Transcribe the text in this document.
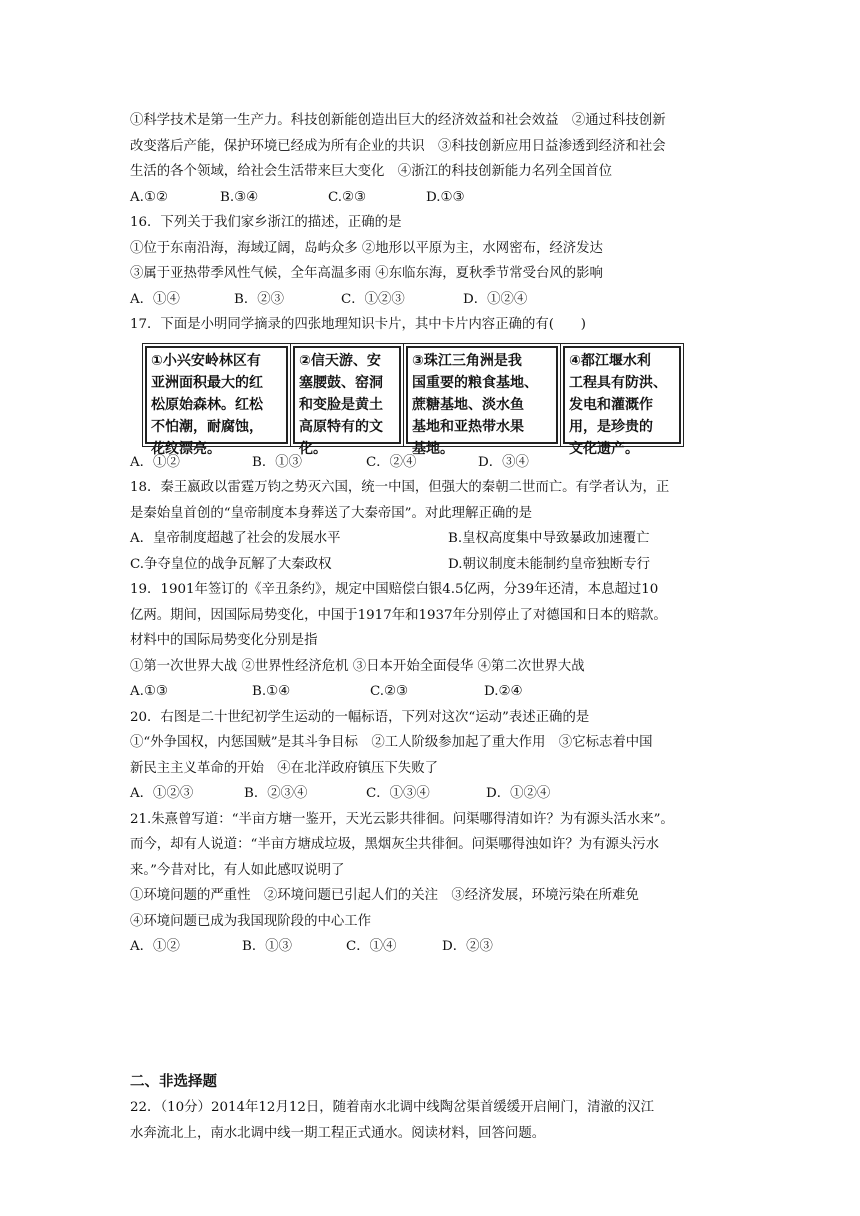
①科学技术是第一生产力。科技创新能创造出巨大的经济效益和社会效益　②通过科技创新
改变落后产能，保护环境已经成为所有企业的共识　③科技创新应用日益渗透到经济和社会
生活的各个领域，给社会生活带来巨大变化　④浙江的科技创新能力名列全国首位
A.①②	B.③④	C.②③	D.①③
16．下列关于我们家乡浙江的描述，正确的是
①位于东南沿海，海域辽阔，岛屿众多 ②地形以平原为主，水网密布，经济发达
③属于亚热带季风性气候，全年高温多雨 ④东临东海，夏秋季节常受台风的影响
A．①④	B．②③	C．①②③	D．①②④
17．下面是小明同学摘录的四张地理知识卡片，其中卡片内容正确的有(　　)
①小兴安岭林区有
亚洲面积最大的红
松原始森林。红松
不怕潮，耐腐蚀，
花纹漂亮。
②信天游、安
塞腰鼓、窑洞
和变脸是黄土
高原特有的文
化。
③珠江三角洲是我
国重要的粮食基地、
蔗糖基地、淡水鱼
基地和亚热带水果
基地。
④都江堰水利
工程具有防洪、
发电和灌溉作
用，是珍贵的
文化遗产。
A．①②	B．①③	C．②④	D．③④
18．秦王嬴政以雷霆万钧之势灭六国，统一中国，但强大的秦朝二世而亡。有学者认为，正
是秦始皇首创的“皇帝制度本身葬送了大秦帝国”。对此理解正确的是
A．皇帝制度超越了社会的发展水平	B.皇权高度集中导致暴政加速覆亡
C.争夺皇位的战争瓦解了大秦政权	D.朝议制度未能制约皇帝独断专行
19．1901年签订的《辛丑条约》，规定中国赔偿白银4.5亿两，分39年还清，本息超过10
亿两。期间，因国际局势变化，中国于1917年和1937年分别停止了对德国和日本的赔款。
材料中的国际局势变化分别是指
①第一次世界大战 ②世界性经济危机 ③日本开始全面侵华 ④第二次世界大战
A.①③	B.①④	C.②③	D.②④
20．右图是二十世纪初学生运动的一幅标语，下列对这次“运动”表述正确的是
①“外争国权，内惩国贼”是其斗争目标　②工人阶级参加起了重大作用　③它标志着中国
新民主主义革命的开始　④在北洋政府镇压下失败了
A．①②③	B．②③④	C．①③④	D．①②④
21.朱熹曾写道：“半亩方塘一鉴开，天光云影共徘徊。问渠哪得清如许？为有源头活水来”。
而今，却有人说道：“半亩方塘成垃圾，黑烟灰尘共徘徊。问渠哪得浊如许？为有源头污水
来。”今昔对比，有人如此感叹说明了
①环境问题的严重性　②环境问题已引起人们的关注　③经济发展，环境污染在所难免
④环境问题已成为我国现阶段的中心工作
A．①②	B．①③	C．①④	D．②③
二、非选择题
22．（10分）2014年12月12日，随着南水北调中线陶岔渠首缓缓开启闸门，清澈的汉江
水奔流北上，南水北调中线一期工程正式通水。阅读材料，回答问题。
